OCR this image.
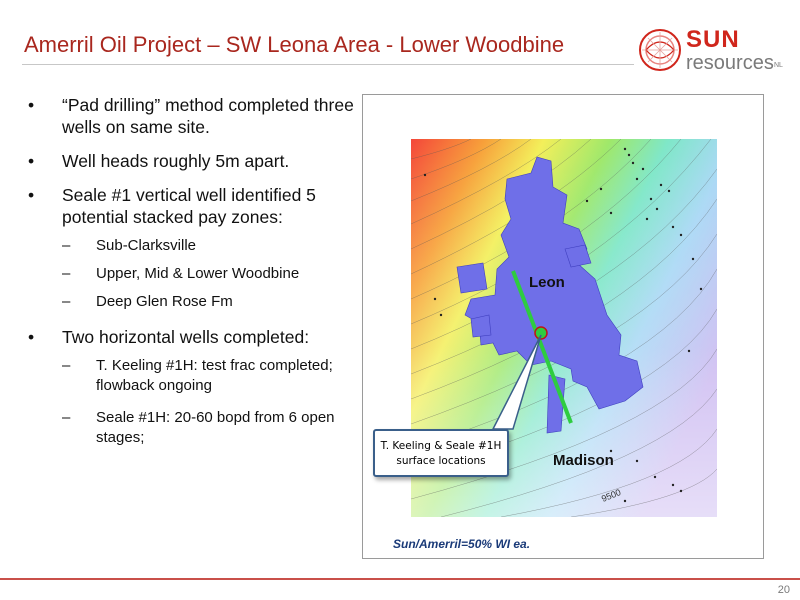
Amerril Oil Project – SW Leona Area - Lower Woodbine	SUN
resources NL
• “Pad drilling” method completed three wells on same site.
• Well heads roughly 5m apart.
• Seale #1 vertical well identified 5 potential stacked pay zones:
– Sub-Clarksville
– Upper, Mid & Lower Woodbine
– Deep Glen Rose Fm
• Two horizontal wells completed:
– T. Keeling #1H: test frac completed; flowback ongoing
– Seale #1H: 20-60 bopd from 6 open stages;
Leon
Madison
9500
T. Keeling & Seale #1H
surface locations
Sun/Amerril=50% WI ea.
20
